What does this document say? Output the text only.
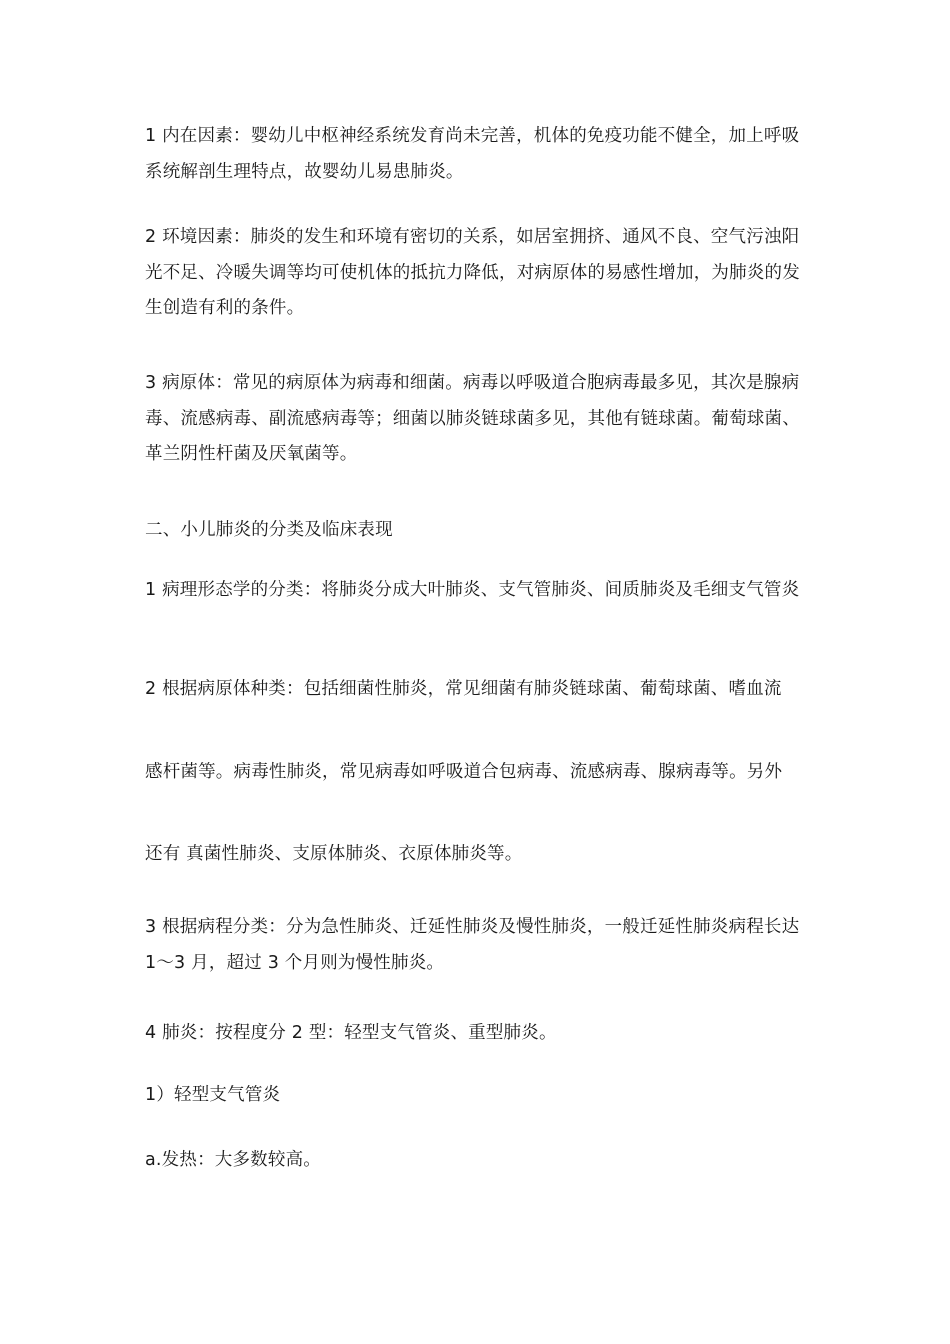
1 内在因素：婴幼儿中枢神经系统发育尚未完善，机体的免疫功能不健全，加上呼吸系统解剖生理特点，故婴幼儿易患肺炎。

2 环境因素：肺炎的发生和环境有密切的关系，如居室拥挤、通风不良、空气污浊阳光不足、冷暖失调等均可使机体的抵抗力降低，对病原体的易感性增加，为肺炎的发生创造有利的条件。

3 病原体：常见的病原体为病毒和细菌。病毒以呼吸道合胞病毒最多见，其次是腺病毒、流感病毒、副流感病毒等；细菌以肺炎链球菌多见，其他有链球菌。葡萄球菌、革兰阴性杆菌及厌氧菌等。

二、小儿肺炎的分类及临床表现

1 病理形态学的分类：将肺炎分成大叶肺炎、支气管肺炎、间质肺炎及毛细支气管炎

2 根据病原体种类：包括细菌性肺炎，常见细菌有肺炎链球菌、葡萄球菌、嗜血流

感杆菌等。病毒性肺炎，常见病毒如呼吸道合包病毒、流感病毒、腺病毒等。另外

还有 真菌性肺炎、支原体肺炎、衣原体肺炎等。

3 根据病程分类：分为急性肺炎、迁延性肺炎及慢性肺炎，一般迁延性肺炎病程长达 1～3 月，超过 3 个月则为慢性肺炎。

4 肺炎：按程度分 2 型：轻型支气管炎、重型肺炎。

1）轻型支气管炎

a.发热：大多数较高。
